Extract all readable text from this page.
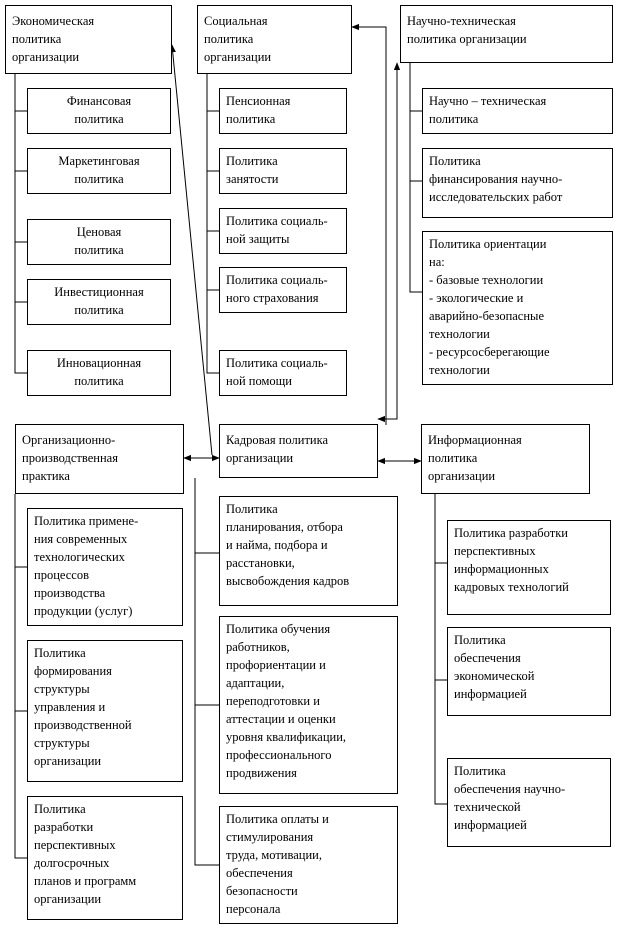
Экономическая
политика
организации
Социальная
политика
организации
Научно-техническая
политика организации
Финансовая
политика
Маркетинговая
политика
Ценовая
политика
Инвестиционная
политика
Инновационная
политика
Пенсионная
политика
Политика
занятости
Политика социаль-
ной защиты
Политика социаль-
ного страхования
Политика социаль-
ной помощи
Научно – техническая
политика
Политика
финансирования научно-
исследовательских работ
Политика ориентации
на:
- базовые технологии
- экологические и
аварийно-безопасные
технологии
- ресурсосберегающие
технологии
Организационно-
производственная
практика
Кадровая политика
организации
Информационная
политика
организации
Политика примене-
ния современных
технологических
процессов
производства
продукции (услуг)
Политика
формирования
структуры
управления и
производственной
структуры
организации
Политика
разработки
перспективных
долгосрочных
планов и программ
организации
Политика
планирования, отбора
и найма, подбора и
расстановки,
высвобождения кадров
Политика обучения
работников,
профориентации и
адаптации,
переподготовки и
аттестации и оценки
уровня квалификации,
профессионального
продвижения
Политика оплаты и
стимулирования
труда, мотивации,
обеспечения
безопасности
персонала
Политика разработки
перспективных
информационных
кадровых технологий
Политика
обеспечения
экономической
информацией
Политика
обеспечения научно-
технической
информацией
